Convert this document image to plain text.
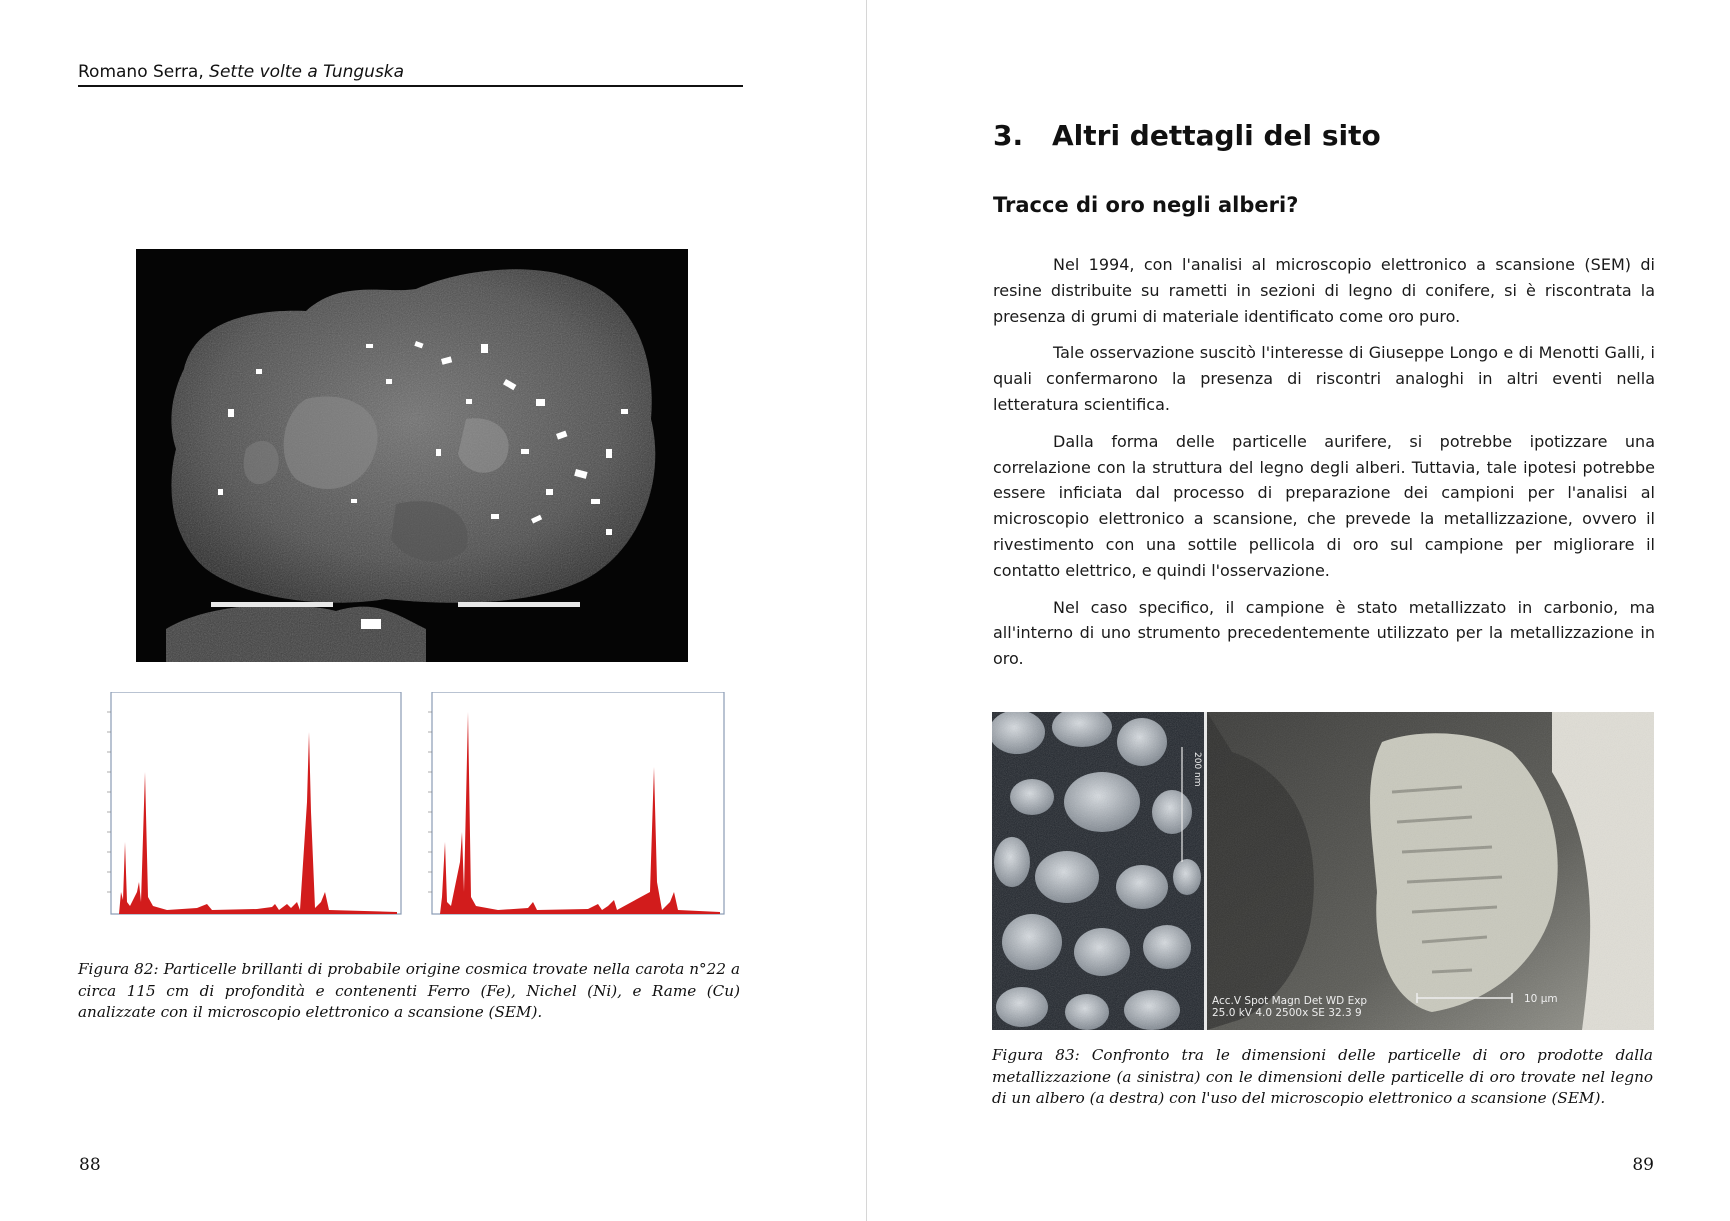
Romano Serra, Sette volte a Tunguska
Figura 82: Particelle brillanti di probabile origine cosmica trovate nella carota n°22 a circa 115 cm di profondità e contenenti Ferro (Fe), Nichel (Ni), e Rame (Cu) analizzate con il microscopio elettronico a scansione (SEM).
88
3. Altri dettagli del sito
Tracce di oro negli alberi?

Nel 1994, con l'analisi al microscopio elettronico a scansione (SEM) di resine distribuite su rametti in sezioni di legno di conifere, si è riscontrata la presenza di grumi di materiale identificato come oro puro.

Tale osservazione suscitò l'interesse di Giuseppe Longo e di Menotti Galli, i quali confermarono la presenza di riscontri analoghi in altri eventi nella letteratura scientifica.

Dalla forma delle particelle aurifere, si potrebbe ipotizzare una correlazione con la struttura del legno degli alberi. Tuttavia, tale ipotesi potrebbe essere inficiata dal processo di preparazione dei campioni per l'analisi al microscopio elettronico a scansione, che prevede la metallizzazione, ovvero il rivestimento con una sottile pellicola di oro sul campione per migliorare il contatto elettrico, e quindi l'osservazione.

Nel caso specifico, il campione è stato metallizzato in carbonio, ma all'interno di uno strumento precedentemente utilizzato per la metallizzazione in oro.

200 nm
Acc.V Spot Magn Det WD Exp
25.0 kV 4.0 2500x SE 32.3 9
10 µm
Figura 83: Confronto tra le dimensioni delle particelle di oro prodotte dalla metallizzazione (a sinistra) con le dimensioni delle particelle di oro trovate nel legno di un albero (a destra) con l'uso del microscopio elettronico a scansione (SEM).
89
